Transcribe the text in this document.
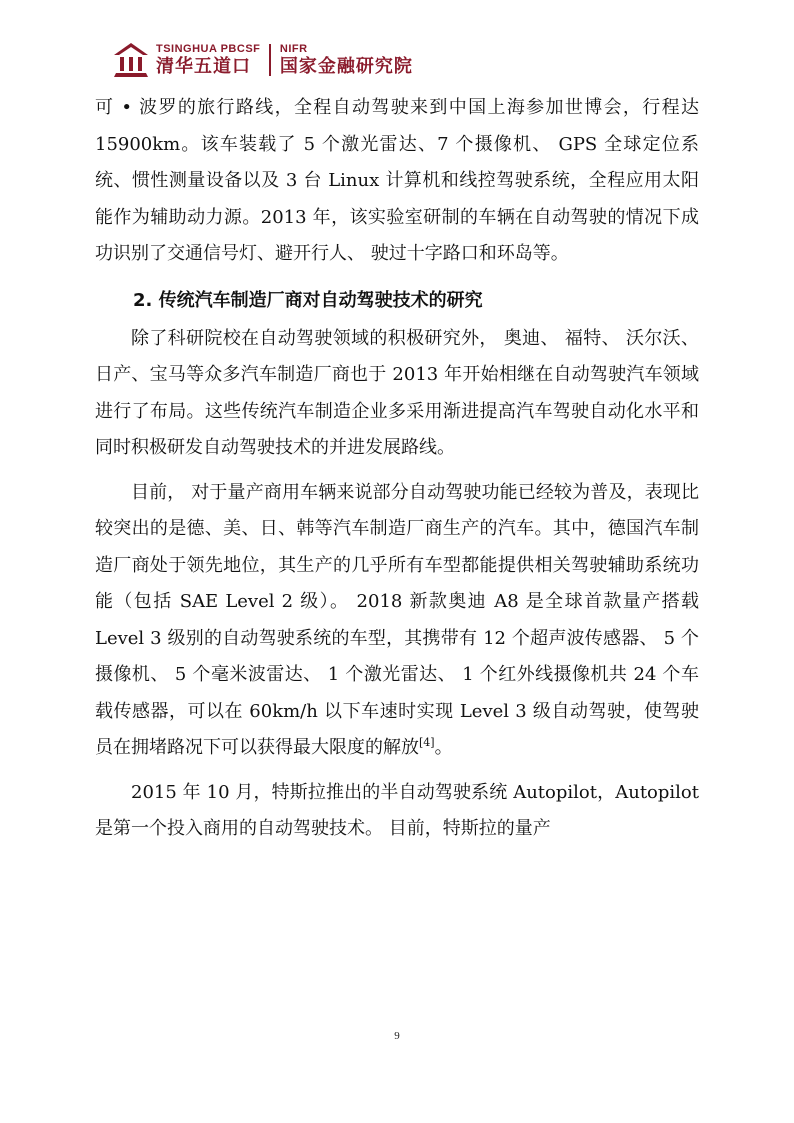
TSINGHUA PBCSF
清华五道口
NIFR
国家金融研究院

可 • 波罗的旅行路线，全程自动驾驶来到中国上海参加世博会，行程达 15900km。该车装载了 5 个激光雷达、7 个摄像机、 GPS 全球定位系统、惯性测量设备以及 3 台 Linux 计算机和线控驾驶系统，全程应用太阳能作为辅助动力源。2013 年，该实验室研制的车辆在自动驾驶的情况下成功识别了交通信号灯、避开行人、 驶过十字路口和环岛等。

2. 传统汽车制造厂商对自动驾驶技术的研究

除了科研院校在自动驾驶领域的积极研究外， 奥迪、 福特、 沃尔沃、 日产、宝马等众多汽车制造厂商也于 2013 年开始相继在自动驾驶汽车领域进行了布局。这些传统汽车制造企业多采用渐进提高汽车驾驶自动化水平和同时积极研发自动驾驶技术的并进发展路线。

目前， 对于量产商用车辆来说部分自动驾驶功能已经较为普及，表现比较突出的是德、美、日、韩等汽车制造厂商生产的汽车。其中，德国汽车制造厂商处于领先地位，其生产的几乎所有车型都能提供相关驾驶辅助系统功能（包括 SAE Level 2 级）。 2018 新款奥迪 A8 是全球首款量产搭载 Level 3 级别的自动驾驶系统的车型，其携带有 12 个超声波传感器、 5 个摄像机、 5 个毫米波雷达、 1 个激光雷达、 1 个红外线摄像机共 24 个车载传感器，可以在 60km/h 以下车速时实现 Level 3 级自动驾驶，使驾驶员在拥堵路况下可以获得最大限度的解放[4]。

2015 年 10 月，特斯拉推出的半自动驾驶系统 Autopilot，Autopilot 是第一个投入商用的自动驾驶技术。 目前，特斯拉的量产

9
